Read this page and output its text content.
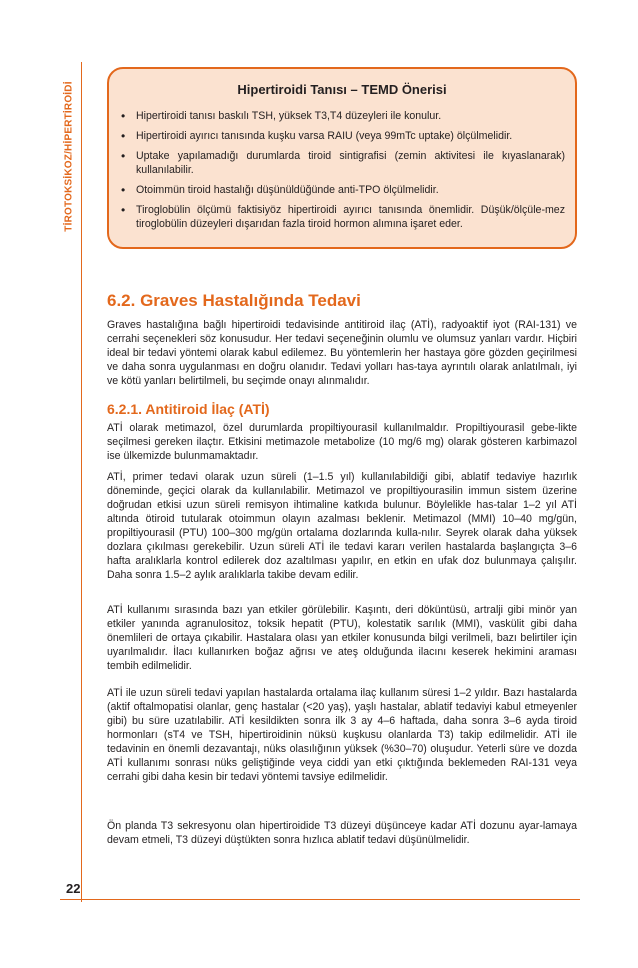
TİROTOKSİKOZ/HİPERTİROİDİ	Hipertiroidi Tanısı – TEMD Önerisi
• Hipertiroidi tanısı baskılı TSH, yüksek T3,T4 düzeyleri ile konulur.
• Hipertiroidi ayırıcı tanısında kuşku varsa RAIU (veya 99mTc uptake) ölçülmelidir.
• Uptake yapılamadığı durumlarda tiroid sintigrafisi (zemin aktivitesi ile kıyaslanarak) kullanılabilir.
• Otoimmün tiroid hastalığı düşünüldüğünde anti-TPO ölçülmelidir.
• Tiroglobülin ölçümü faktisiyöz hipertiroidi ayırıcı tanısında önemlidir. Düşük/ölçüle-mez tiroglobülin düzeyleri dışarıdan fazla tiroid hormon alımına işaret eder.
6.2. Graves Hastalığında Tedavi

Graves hastalığına bağlı hipertiroidi tedavisinde antitiroid ilaç (ATİ), radyoaktif iyot (RAI-131) ve cerrahi seçenekleri söz konusudur. Her tedavi seçeneğinin olumlu ve olumsuz yanları vardır. Hiçbiri ideal bir tedavi yöntemi olarak kabul edilemez. Bu yöntemlerin her hastaya göre gözden geçirilmesi ve daha sonra uygulanması en doğru olanıdır. Tedavi yolları has-taya ayrıntılı olarak anlatılmalı, iyi ve kötü yanları belirtilmeli, bu seçimde onayı alınmalıdır.

6.2.1. Antitiroid İlaç (ATİ)

ATİ olarak metimazol, özel durumlarda propiltiyourasil kullanılmaldır. Propiltiyourasil gebe-likte seçilmesi gereken ilaçtır. Etkisini metimazole metabolize (10 mg/6 mg) olarak gösteren karbimazol ise ülkemizde bulunmamaktadır.

ATİ, primer tedavi olarak uzun süreli (1–1.5 yıl) kullanılabildiği gibi, ablatif tedaviye hazırlık döneminde, geçici olarak da kullanılabilir. Metimazol ve propiltiyourasilin immun sistem üzerine doğrudan etkisi uzun süreli remisyon ihtimaline katkıda bulunur. Böylelikle has-talar 1–2 yıl ATİ altında ötiroid tutularak otoimmun olayın azalması beklenir. Metimazol (MMI) 10–40 mg/gün, propiltiyourasil (PTU) 100–300 mg/gün ortalama dozlarında kulla-nılır. Seyrek olarak daha yüksek dozlara çıkılması gerekebilir. Uzun süreli ATİ ile tedavi kararı verilen hastalarda başlangıçta 3–6 hafta aralıklarla kontrol edilerek doz azaltılması yapılır, en etkin en ufak doz bulunmaya çalışılır. Daha sonra 1.5–2 aylık aralıklarla takibe devam edilir.

ATİ kullanımı sırasında bazı yan etkiler görülebilir. Kaşıntı, deri döküntüsü, artralji gibi minör yan etkiler yanında agranulositoz, toksik hepatit (PTU), kolestatik sarılık (MMI), vaskülit gibi daha önemlileri de ortaya çıkabilir. Hastalara olası yan etkiler konusunda bilgi verilmeli, bazı belirtiler için uyarılmalıdır. İlacı kullanırken boğaz ağrısı ve ateş olduğunda ilacını keserek hekimini araması tembih edilmelidir.

ATİ ile uzun süreli tedavi yapılan hastalarda ortalama ilaç kullanım süresi 1–2 yıldır. Bazı hastalarda (aktif oftalmopatisi olanlar, genç hastalar (<20 yaş), yaşlı hastalar, ablatif tedaviyi kabul etmeyenler gibi) bu süre uzatılabilir. ATİ kesildikten sonra ilk 3 ay 4–6 haftada, daha sonra 3–6 ayda tiroid hormonları (sT4 ve TSH, hipertiroidinin nüksü kuşkusu olanlarda T3) takip edilmelidir. ATİ ile tedavinin en önemli dezavantajı, nüks olasılığının yüksek (%30–70) oluşudur. Yeterli süre ve dozda ATİ kullanımı sonrası nüks geliştiğinde veya ciddi yan etki çıktığında beklemeden RAI-131 veya cerrahi gibi daha kesin bir tedavi yöntemi tavsiye edilmelidir.

Ön planda T3 sekresyonu olan hipertiroidide T3 düzeyi düşünceye kadar ATİ dozunu ayar-lamaya devam etmeli, T3 düzeyi düştükten sonra hızlıca ablatif tedavi düşünülmelidir.

22
